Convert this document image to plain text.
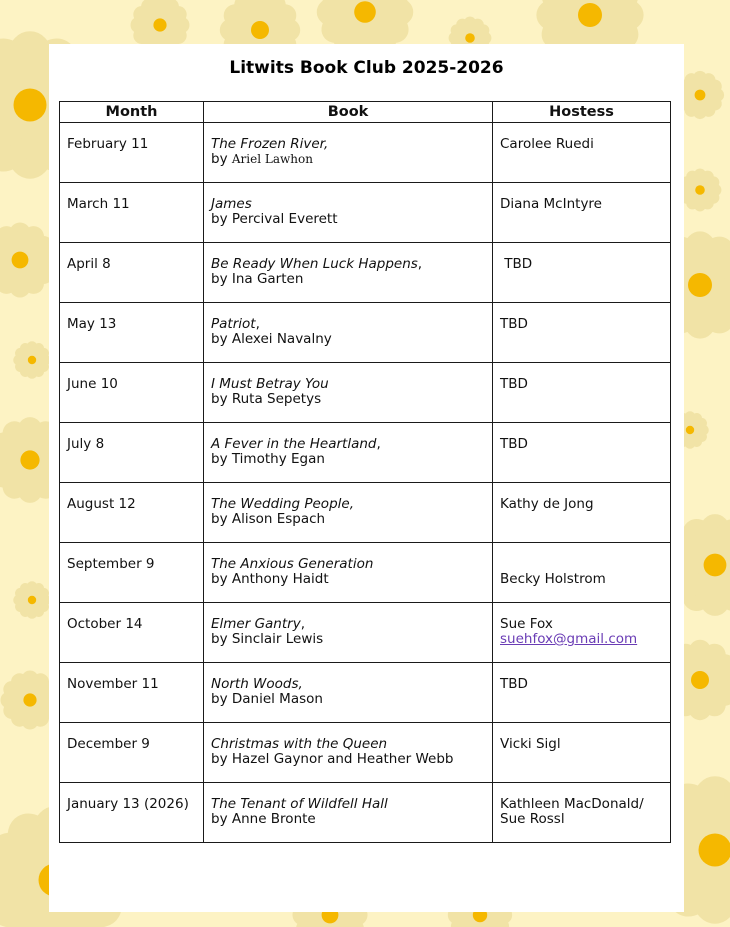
Litwits Book Club 2025-2026
Month	Book	Hostess
February 11	The Frozen River,
by Ariel Lawhon	Carolee Ruedi
March 11	James
by Percival Everett	Diana McIntyre
April 8	Be Ready When Luck Happens,
by Ina Garten	TBD
May 13	Patriot,
by Alexei Navalny	TBD
June 10	I Must Betray You
by Ruta Sepetys	TBD
July 8	A Fever in the Heartland,
by Timothy Egan	TBD
August 12	The Wedding People,
by Alison Espach	Kathy de Jong
September 9	The Anxious Generation
by Anthony Haidt	Becky Holstrom

October 14	Elmer Gantry,
by Sinclair Lewis	Sue Fox
suehfox@gmail.com

November 11	North Woods,
by Daniel Mason	TBD
December 9	Christmas with the Queen
by Hazel Gaynor and Heather Webb	Vicki Sigl
January 13 (2026)	The Tenant of Wildfell Hall
by Anne Bronte	Kathleen MacDonald/
Sue Rossl
